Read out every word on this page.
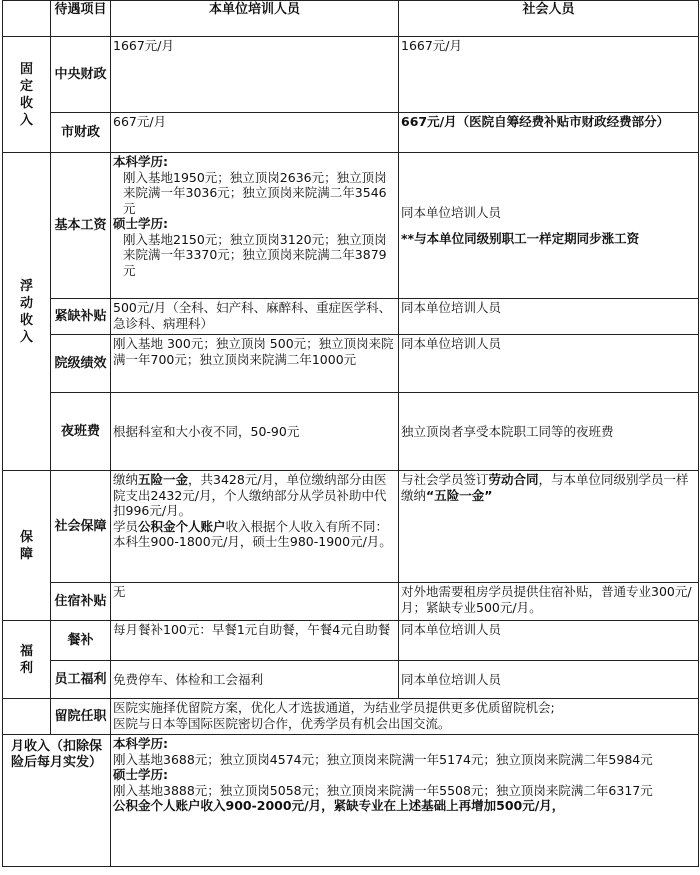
	待遇项目	本单位培训人员	社会人员
固定收入	中央财政	1667元/月	1667元/月
	市财政	667元/月	667元/月（医院自筹经费补贴市财政经费部分）
浮动收入	基本工资	本科学历:
刚入基地1950元；独立顶岗2636元；独立顶岗来院满一年3036元；独立顶岗来院满二年3546元
硕士学历:
刚入基地2150元；独立顶岗3120元；独立顶岗来院满一年3370元；独立顶岗来院满二年3879元	同本单位培训人员
**与本单位同级别职工一样定期同步涨工资

	紧缺补贴	500元/月（全科、妇产科、麻醉科、重症医学科、急诊科、病理科）	同本单位培训人员
	院级绩效	刚入基地 300元；独立顶岗 500元；独立顶岗来院满一年700元；独立顶岗来院满二年1000元	同本单位培训人员
	夜班费	根据科室和大小夜不同，50-90元	独立顶岗者享受本院职工同等的夜班费
保障	社会保障	缴纳五险一金，共3428元/月，单位缴纳部分由医院支出2432元/月，个人缴纳部分从学员补助中代扣996元/月。
学员公积金个人账户收入根据个人收入有所不同：本科生900-1800元/月，硕士生980-1900元/月。	与社会学员签订劳动合同，与本单位同级别学员一样缴纳“五险一金”
	住宿补贴	无	对外地需要租房学员提供住宿补贴，普通专业300元/月；紧缺专业500元/月。
福利	餐补	每月餐补100元：早餐1元自助餐，午餐4元自助餐	同本单位培训人员
	员工福利	免费停车、体检和工会福利	同本单位培训人员
	留院任职	医院实施择优留院方案，优化人才选拔通道，为结业学员提供更多优质留院机会;
医院与日本等国际医院密切合作，优秀学员有机会出国交流。	

月收入（扣除保险后每月实发）		本科学历:
刚入基地3688元；独立顶岗4574元；独立顶岗来院满一年5174元；独立顶岗来院满二年5984元
硕士学历:
刚入基地3888元；独立顶岗5058元；独立顶岗来院满一年5508元；独立顶岗来院满二年6317元
公积金个人账户收入900-2000元/月，紧缺专业在上述基础上再增加500元/月，	
